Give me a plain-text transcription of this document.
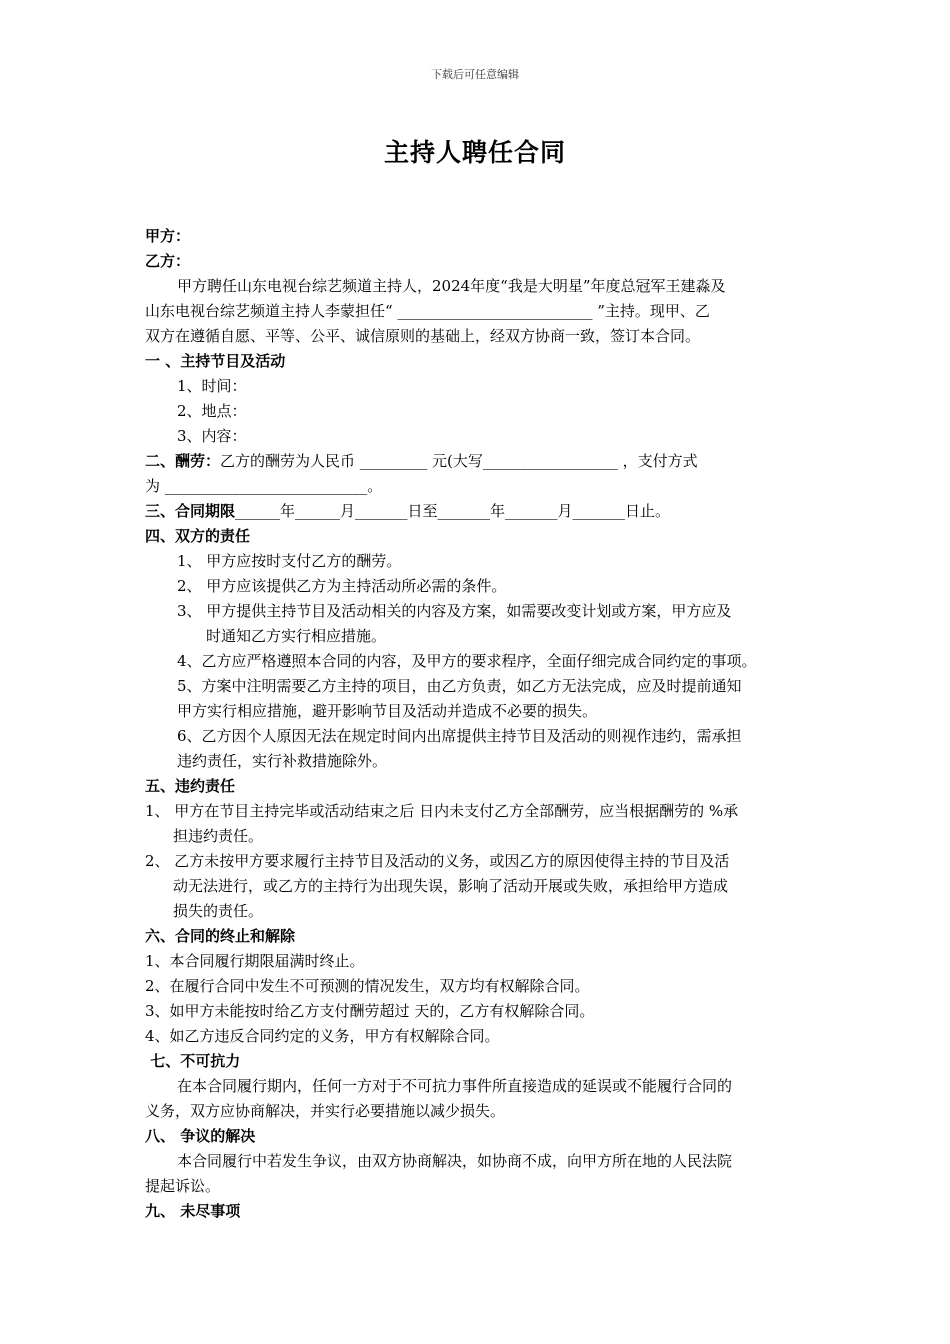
下载后可任意编辑
主持人聘任合同
甲方：
乙方：
甲方聘任山东电视台综艺频道主持人，2024年度“我是大明星”年度总冠军王建淼及
山东电视台综艺频道主持人李蒙担任“ __________________________ ”主持。现甲、乙
双方在遵循自愿、平等、公平、诚信原则的基础上，经双方协商一致，签订本合同。
一 、主持节目及活动
1、时间：
2、地点：
3、内容：
二、酬劳：乙方的酬劳为人民币 _________ 元(大写__________________ ，支付方式
为 ___________________________。
三、合同期限______年______月_______日至_______年_______月_______日止。
四、双方的责任
1、 甲方应按时支付乙方的酬劳。
2、 甲方应该提供乙方为主持活动所必需的条件。
3、 甲方提供主持节目及活动相关的内容及方案，如需要改变计划或方案，甲方应及
时通知乙方实行相应措施。
4、乙方应严格遵照本合同的内容，及甲方的要求程序，全面仔细完成合同约定的事项。
5、方案中注明需要乙方主持的项目，由乙方负责，如乙方无法完成，应及时提前通知
甲方实行相应措施，避开影响节目及活动并造成不必要的损失。
6、乙方因个人原因无法在规定时间内出席提供主持节目及活动的则视作违约，需承担
违约责任，实行补救措施除外。
五、违约责任
1、 甲方在节目主持完毕或活动结束之后 日内未支付乙方全部酬劳，应当根据酬劳的 %承
担违约责任。
2、 乙方未按甲方要求履行主持节目及活动的义务，或因乙方的原因使得主持的节目及活
动无法进行，或乙方的主持行为出现失误，影响了活动开展或失败，承担给甲方造成
损失的责任。
六、合同的终止和解除
1、本合同履行期限届满时终止。
2、在履行合同中发生不可预测的情况发生，双方均有权解除合同。
3、如甲方未能按时给乙方支付酬劳超过 天的，乙方有权解除合同。
4、如乙方违反合同约定的义务，甲方有权解除合同。
七、不可抗力
在本合同履行期内，任何一方对于不可抗力事件所直接造成的延误或不能履行合同的
义务，双方应协商解决，并实行必要措施以减少损失。
八、 争议的解决
本合同履行中若发生争议，由双方协商解决，如协商不成，向甲方所在地的人民法院
提起诉讼。
九、 未尽事项
